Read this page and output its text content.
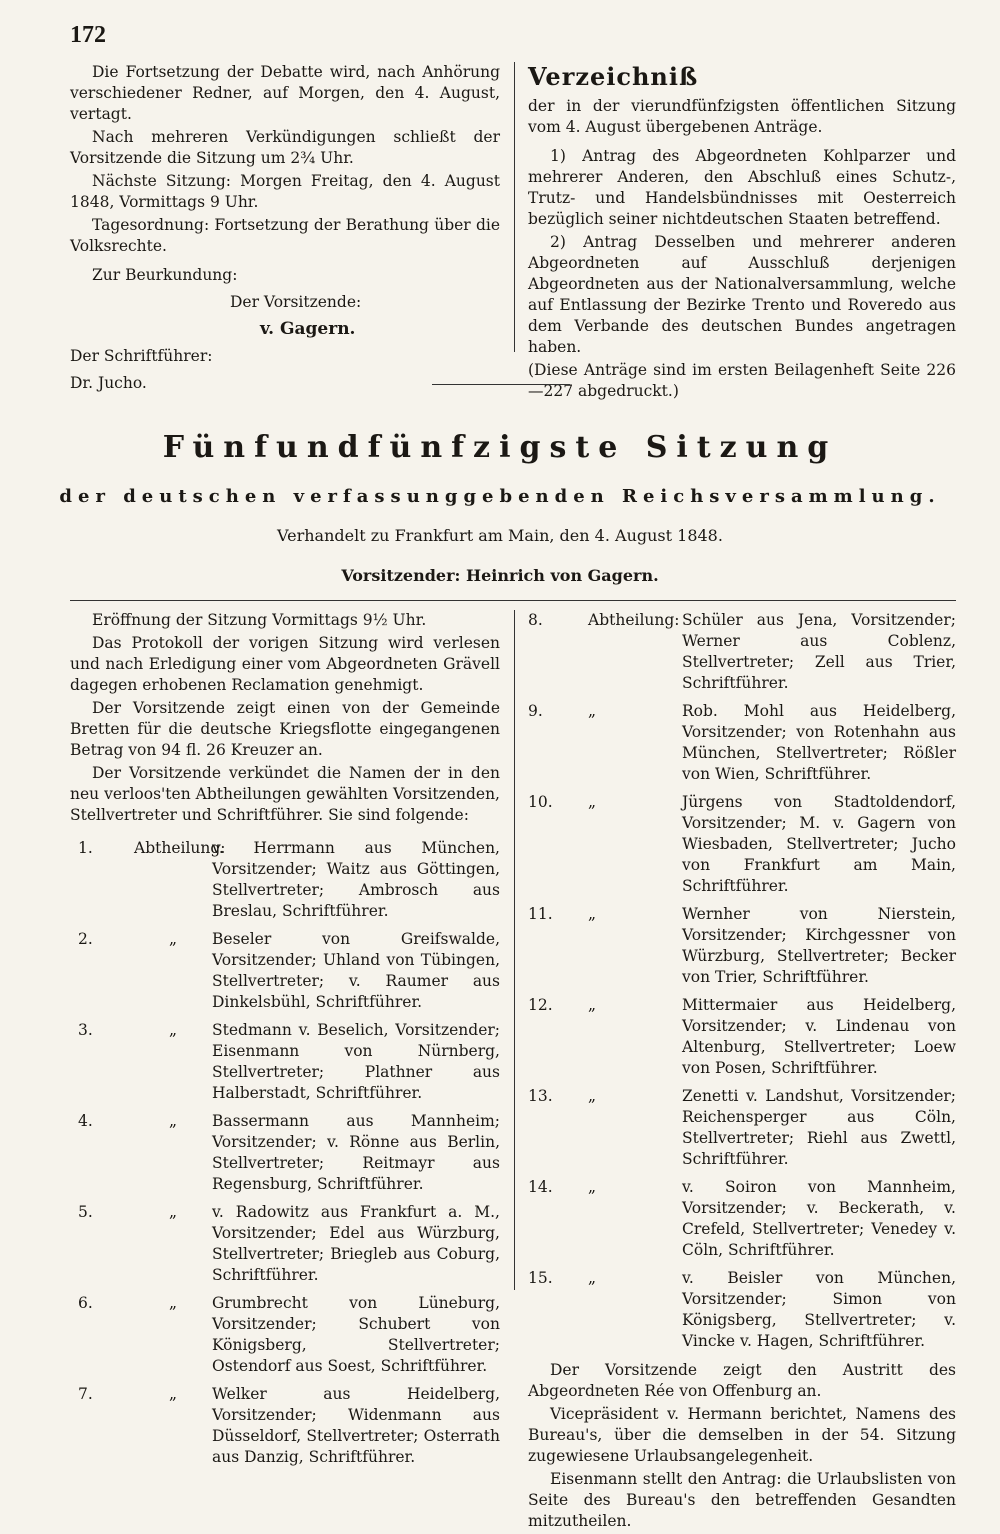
172

Die Fortsetzung der Debatte wird, nach Anhörung verschiedener Redner, auf Morgen, den 4. August, vertagt.

Nach mehreren Verkündigungen schließt der Vorsitzende die Sitzung um 2¾ Uhr.

Nächste Sitzung: Morgen Freitag, den 4. August 1848, Vormittags 9 Uhr.

Tagesordnung: Fortsetzung der Berathung über die Volksrechte.

Zur Beurkundung:

Der Vorsitzende:

v. Gagern.

Der Schriftführer:

Dr. Jucho.

Verzeichniß

der in der vierundfünfzigsten öffentlichen Sitzung vom 4. August übergebenen Anträge.

1) Antrag des Abgeordneten Kohlparzer und mehrerer Anderen, den Abschluß eines Schutz-, Trutz- und Handelsbündnisses mit Oesterreich bezüglich seiner nichtdeutschen Staaten betreffend.

2) Antrag Desselben und mehrerer anderen Abgeordneten auf Ausschluß derjenigen Abgeordneten aus der Nationalversammlung, welche auf Entlassung der Bezirke Trento und Roveredo aus dem Verbande des deutschen Bundes angetragen haben.

(Diese Anträge sind im ersten Beilagenheft Seite 226—227 abgedruckt.)

Fünfundfünfzigste Sitzung
der deutschen verfassunggebenden Reichsversammlung.
Verhandelt zu Frankfurt am Main, den 4. August 1848.
Vorsitzender: Heinrich von Gagern.

Eröffnung der Sitzung Vormittags 9½ Uhr.

Das Protokoll der vorigen Sitzung wird verlesen und nach Erledigung einer vom Abgeordneten Grävell dagegen erhobenen Reclamation genehmigt.

Der Vorsitzende zeigt einen von der Gemeinde Bretten für die deutsche Kriegsflotte eingegangenen Betrag von 94 fl. 26 Kreuzer an.

Der Vorsitzende verkündet die Namen der in den neu verloos'ten Abtheilungen gewählten Vorsitzenden, Stellvertreter und Schriftführer. Sie sind folgende:

1.	Abtheilung:
v. Herrmann aus München, Vorsitzender; Waitz aus Göttingen, Stellvertreter; Ambrosch aus Breslau, Schriftführer.
2.	„	Beseler von Greifswalde, Vorsitzender; Uhland von Tübingen, Stellvertreter; v. Raumer aus Dinkelsbühl, Schriftführer.
3.	„	Stedmann v. Beselich, Vorsitzender; Eisenmann von Nürnberg, Stellvertreter; Plathner aus Halberstadt, Schriftführer.
4.	„	Bassermann aus Mannheim; Vorsitzender; v. Rönne aus Berlin, Stellvertreter; Reitmayr aus Regensburg, Schriftführer.
5.	„	v. Radowitz aus Frankfurt a. M., Vorsitzender; Edel aus Würzburg, Stellvertreter; Briegleb aus Coburg, Schriftführer.
6.	„	Grumbrecht von Lüneburg, Vorsitzender; Schubert von Königsberg, Stellvertreter; Ostendorf aus Soest, Schriftführer.
7.	„	Welker aus Heidelberg, Vorsitzender; Widenmann aus Düsseldorf, Stellvertreter; Osterrath aus Danzig, Schriftführer.
8.	Abtheilung: Schüler aus Jena, Vorsitzender; Werner aus Coblenz, Stellvertreter; Zell aus Trier, Schriftführer.
9.	„	Rob. Mohl aus Heidelberg, Vorsitzender; von Rotenhahn aus München, Stellvertreter; Rößler von Wien, Schriftführer.
10.	„	Jürgens von Stadtoldendorf, Vorsitzender; M. v. Gagern von Wiesbaden, Stellvertreter; Jucho von Frankfurt am Main, Schriftführer.
11.	„	Wernher von Nierstein, Vorsitzender; Kirchgessner von Würzburg, Stellvertreter; Becker von Trier, Schriftführer.
12.	„	Mittermaier aus Heidelberg, Vorsitzender; v. Lindenau von Altenburg, Stellvertreter; Loew von Posen, Schriftführer.
13.	„	Zenetti v. Landshut, Vorsitzender; Reichensperger aus Cöln, Stellvertreter; Riehl aus Zwettl, Schriftführer.
14.	„	v. Soiron von Mannheim, Vorsitzender; v. Beckerath, v. Crefeld, Stellvertreter; Venedey v. Cöln, Schriftführer.
15.	„	v. Beisler von München, Vorsitzender; Simon von Königsberg, Stellvertreter; v. Vincke v. Hagen, Schriftführer.

Der Vorsitzende zeigt den Austritt des Abgeordneten Rée von Offenburg an.

Vicepräsident v. Hermann berichtet, Namens des Bureau's, über die demselben in der 54. Sitzung zugewiesene Urlaubsangelegenheit.

Eisenmann stellt den Antrag: die Urlaubslisten von Seite des Bureau's den betreffenden Gesandten mitzutheilen.
